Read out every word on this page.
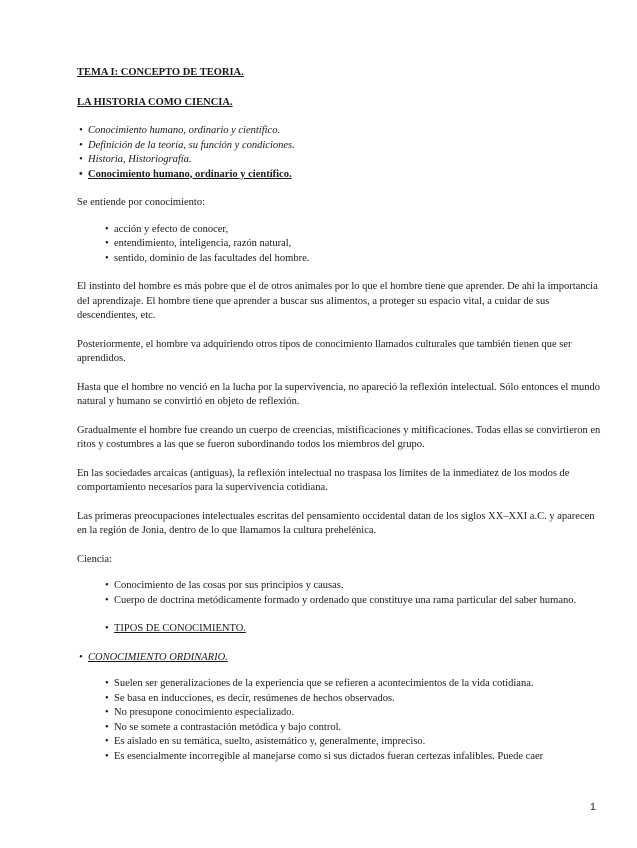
TEMA I: CONCEPTO DE TEORIA.

LA HISTORIA COMO CIENCIA.

• Conocimiento humano, ordinario y científico.
• Definición de la teoría, su función y condiciones.
• Historia, Historiografía.
• Conocimiento humano, ordinario y científico.

Se entiende por conocimiento:

• acción y efecto de conocer,
• entendimiento, inteligencia, razón natural,
• sentido, dominio de las facultades del hombre.

El instinto del hombre es más pobre que el de otros animales por lo que el hombre tiene que aprender. De ahí la importancia del aprendizaje. El hombre tiene que aprender a buscar sus alimentos, a proteger su espacio vital, a cuidar de sus descendientes, etc.

Posteriormente, el hombre va adquiriendo otros tipos de conocimiento llamados culturales que también tienen que ser aprendidos.

Hasta que el hombre no venció en la lucha por la supervivencia, no apareció la reflexión intelectual. Sólo entonces el mundo natural y humano se convirtió en objeto de reflexión.

Gradualmente el hombre fue creando un cuerpo de creencias, mistificaciones y mitificaciones. Todas ellas se convirtieron en ritos y costumbres a las que se fueron subordinando todos los miembros del grupo.

En las sociedades arcaicas (antiguas), la reflexión intelectual no traspasa los límites de la inmediatez de los modos de comportamiento necesarios para la supervivencia cotidiana.

Las primeras preocupaciones intelectuales escritas del pensamiento occidental datan de los siglos XX–XXI a.C. y aparecen en la región de Jonia, dentro de lo que llamamos la cultura prehelénica.

Ciencia:

• Conocimiento de las cosas por sus principios y causas.
• Cuerpo de doctrina metódicamente formado y ordenado que constituye una rama particular del saber humano.
• TIPOS DE CONOCIMIENTO.
• CONOCIMIENTO ORDINARIO.
• Suelen ser generalizaciones de la experiencia que se refieren a acontecimientos de la vida cotidiana.
• Se basa en inducciones, es decir, resúmenes de hechos observados.
• No presupone conocimiento especializado.
• No se somete a contrastación metódica y bajo control.
• Es aislado en su temática, suelto, asistemático y, generalmente, impreciso.
• Es esencialmente incorregible al manejarse como si sus dictados fueran certezas infalibles. Puede caer
1
